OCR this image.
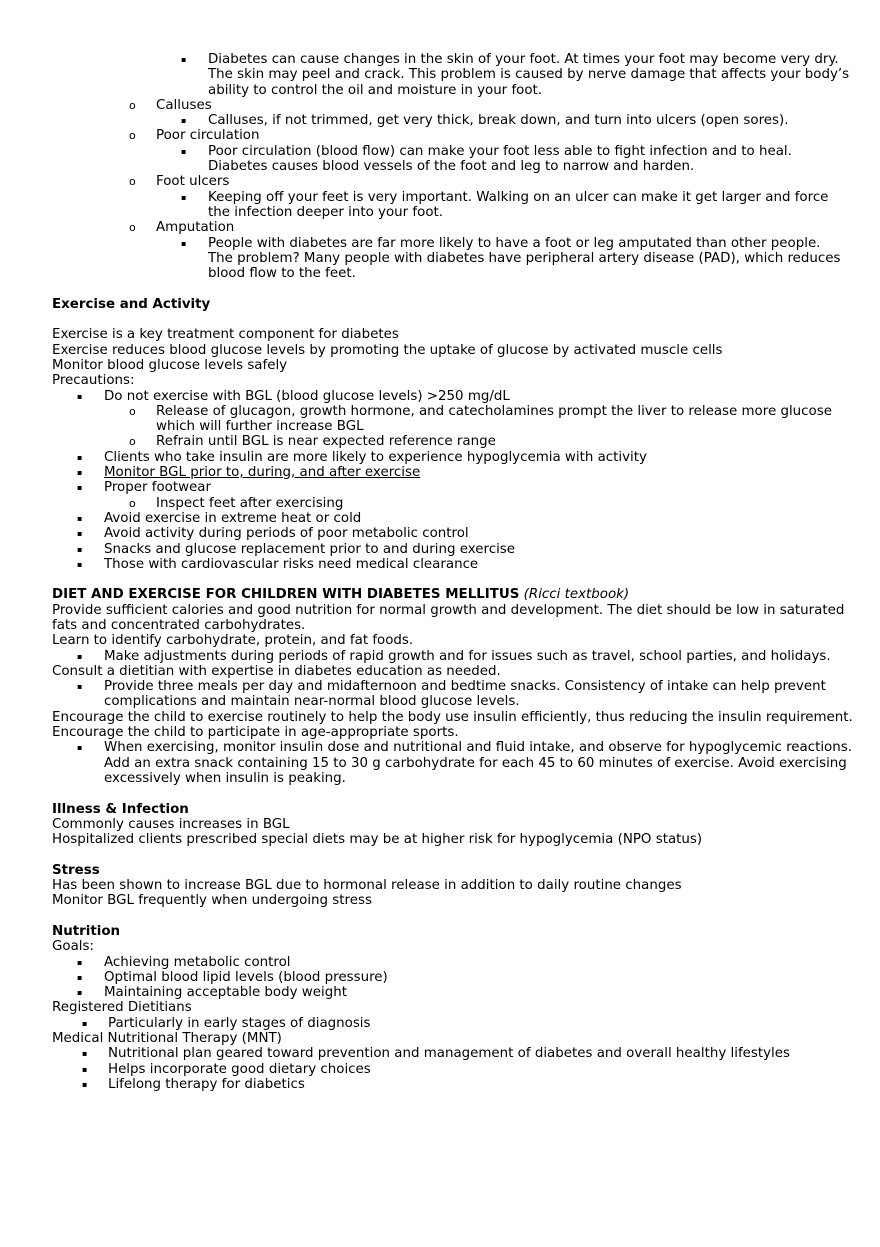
▪ Diabetes can cause changes in the skin of your foot. At times your foot may become very dry.
The skin may peel and crack. This problem is caused by nerve damage that affects your body’s
ability to control the oil and moisture in your foot.
o Calluses
▪ Calluses, if not trimmed, get very thick, break down, and turn into ulcers (open sores).
o Poor circulation
▪ Poor circulation (blood flow) can make your foot less able to fight infection and to heal.
Diabetes causes blood vessels of the foot and leg to narrow and harden.
o Foot ulcers
▪ Keeping off your feet is very important. Walking on an ulcer can make it get larger and force
the infection deeper into your foot.
o Amputation
▪ People with diabetes are far more likely to have a foot or leg amputated than other people.
The problem? Many people with diabetes have peripheral artery disease (PAD), which reduces
blood flow to the feet.
Exercise and Activity
Exercise is a key treatment component for diabetes
Exercise reduces blood glucose levels by promoting the uptake of glucose by activated muscle cells
Monitor blood glucose levels safely
Precautions:
▪ Do not exercise with BGL (blood glucose levels) >250 mg/dL
o Release of glucagon, growth hormone, and catecholamines prompt the liver to release more glucose
which will further increase BGL
o Refrain until BGL is near expected reference range
▪ Clients who take insulin are more likely to experience hypoglycemia with activity
▪ Monitor BGL prior to, during, and after exercise
▪ Proper footwear
o Inspect feet after exercising
▪ Avoid exercise in extreme heat or cold
▪ Avoid activity during periods of poor metabolic control
▪ Snacks and glucose replacement prior to and during exercise
▪ Those with cardiovascular risks need medical clearance
DIET AND EXERCISE FOR CHILDREN WITH DIABETES MELLITUS (Ricci textbook)
Provide sufﬁcient calories and good nutrition for normal growth and development. The diet should be low in saturated
fats and concentrated carbohydrates.
Learn to identify carbohydrate, protein, and fat foods.
▪ Make adjustments during periods of rapid growth and for issues such as travel, school parties, and holidays.
Consult a dietitian with expertise in diabetes education as needed.
▪ Provide three meals per day and midafternoon and bedtime snacks. Consistency of intake can help prevent
complications and maintain near-normal blood glucose levels.
Encourage the child to exercise routinely to help the body use insulin efﬁciently, thus reducing the insulin requirement.
Encourage the child to participate in age-appropriate sports.
▪ When exercising, monitor insulin dose and nutritional and ﬂuid intake, and observe for hypoglycemic reactions.
Add an extra snack containing 15 to 30 g carbohydrate for each 45 to 60 minutes of exercise. Avoid exercising
excessively when insulin is peaking.
Illness & Infection
Commonly causes increases in BGL
Hospitalized clients prescribed special diets may be at higher risk for hypoglycemia (NPO status)
Stress
Has been shown to increase BGL due to hormonal release in addition to daily routine changes
Monitor BGL frequently when undergoing stress
Nutrition
Goals:
▪ Achieving metabolic control
▪ Optimal blood lipid levels (blood pressure)
▪ Maintaining acceptable body weight
Registered Dietitians
▪ Particularly in early stages of diagnosis
Medical Nutritional Therapy (MNT)
▪ Nutritional plan geared toward prevention and management of diabetes and overall healthy lifestyles
▪ Helps incorporate good dietary choices
▪ Lifelong therapy for diabetics
